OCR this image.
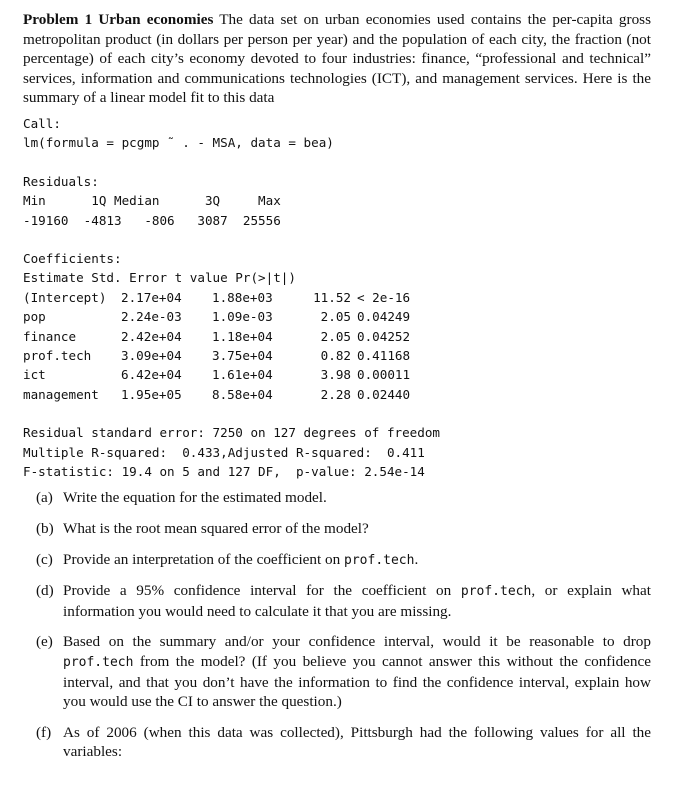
Problem 1 Urban economies The data set on urban economies used contains the per-capita gross metropolitan product (in dollars per person per year) and the population of each city, the fraction (not percentage) of each city’s economy devoted to four industries: finance, “professional and technical” services, information and communications technologies (ICT), and management services. Here is the summary of a linear model fit to this data

Call:
lm(formula = pcgmp ˜ . - MSA, data = bea)
Residuals:
Min      1Q Median      3Q     Max
-19160  -4813   -806   3087  25556
Coefficients:
Estimate Std. Error t value Pr(>|t|)
(Intercept) 2.17e+04 1.88e+03	11.52 < 2e-16
pop	2.24e-03 1.09e-03	2.05 0.04249
finance	2.42e+04 1.18e+04	2.05 0.04252
prof.tech 3.09e+04 3.75e+04	0.82 0.41168
ict	6.42e+04 1.61e+04	3.98 0.00011
management 1.95e+05 8.58e+04	2.28 0.02440
Residual standard error: 7250 on 127 degrees of freedom
Multiple R-squared:  0.433,Adjusted R-squared:  0.411
F-statistic: 19.4 on 5 and 127 DF,  p-value: 2.54e-14

(a) Write the equation for the estimated model.

(b) What is the root mean squared error of the model?

(c) Provide an interpretation of the coefficient on prof.tech.

(d) Provide a 95% confidence interval for the coefficient on prof.tech, or explain what information you would need to calculate it that you are missing.

(e) Based on the summary and/or your confidence interval, would it be reasonable to drop prof.tech from the model? (If you believe you cannot answer this without the confidence interval, and that you don’t have the information to find the confidence interval, explain how you would use the CI to answer the question.)

(f) As of 2006 (when this data was collected), Pittsburgh had the following values for all the variables:
